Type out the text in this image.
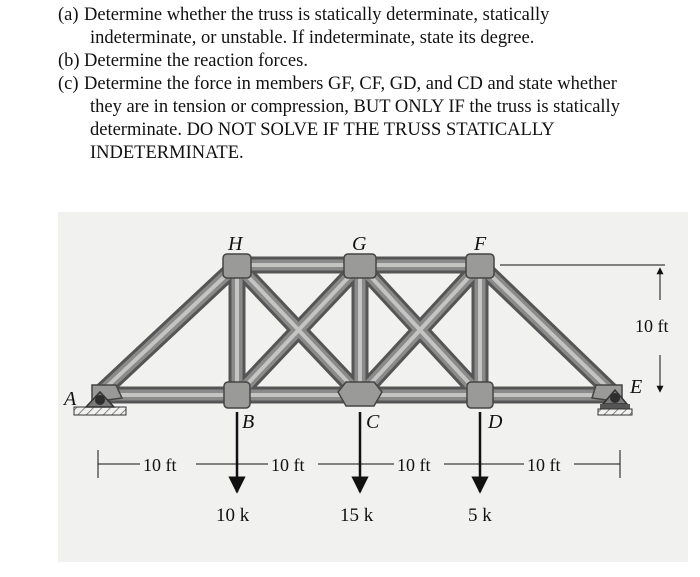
(a) Determine whether the truss is statically determinate, statically
indeterminate, or unstable. If indeterminate, state its degree.
(b) Determine the reaction forces.
(c) Determine the force in members GF, CF, GD, and CD and state whether
they are in tension or compression, BUT ONLY IF the truss is statically
determinate. DO NOT SOLVE IF THE TRUSS STATICALLY
INDETERMINATE.
H	G	F
A
B	C	D
E
10 ft
10 ft	10 ft	10 ft	10 ft
10 k	15 k	5 k
